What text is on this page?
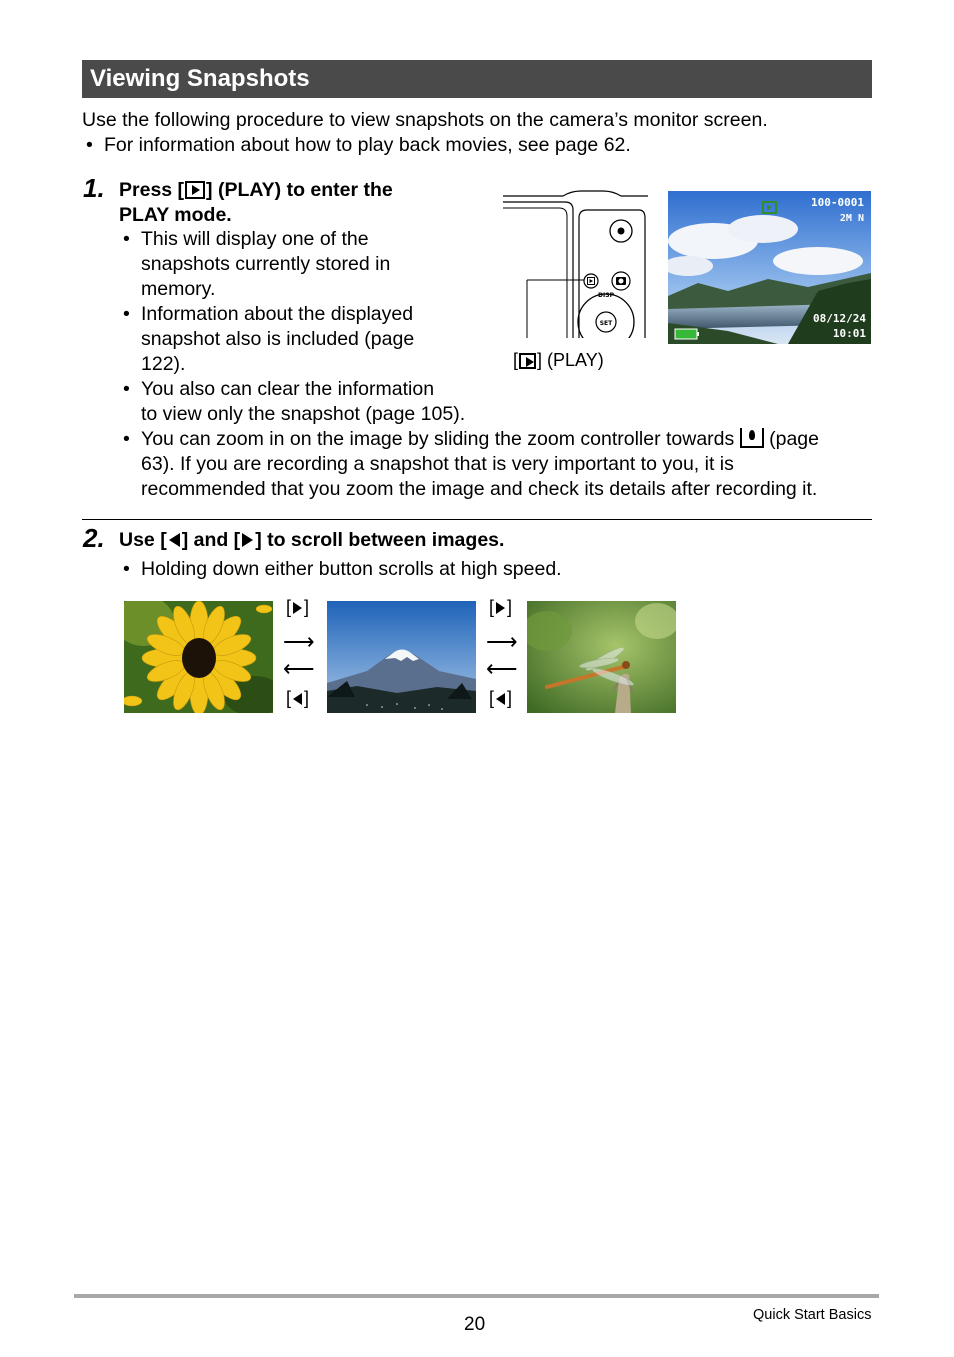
Viewing Snapshots
Use the following procedure to view snapshots on the camera’s monitor screen.
• For information about how to play back movies, see page 62.
1. Press [ ] (PLAY) to enter the
PLAY mode.
• This will display one of the
snapshots currently stored in
memory.
• Information about the displayed
snapshot also is included (page
122).
• You also can clear the information
to view only the snapshot (page 105).
• You can zoom in on the image by sliding the zoom controller towards (page
63). If you are recording a snapshot that is very important to you, it is
recommended that you zoom the image and check its details after recording it.
SET
DISP
[ ] (PLAY)
100-0001
2M N
08/12/24
10:01
2. Use [ ] and [ ] to scroll between images.
• Holding down either button scrolls at high speed.
[ ]
⟶
⟵
[ ]
[ ]
⟶
⟵
[ ]
20	Quick Start Basics
